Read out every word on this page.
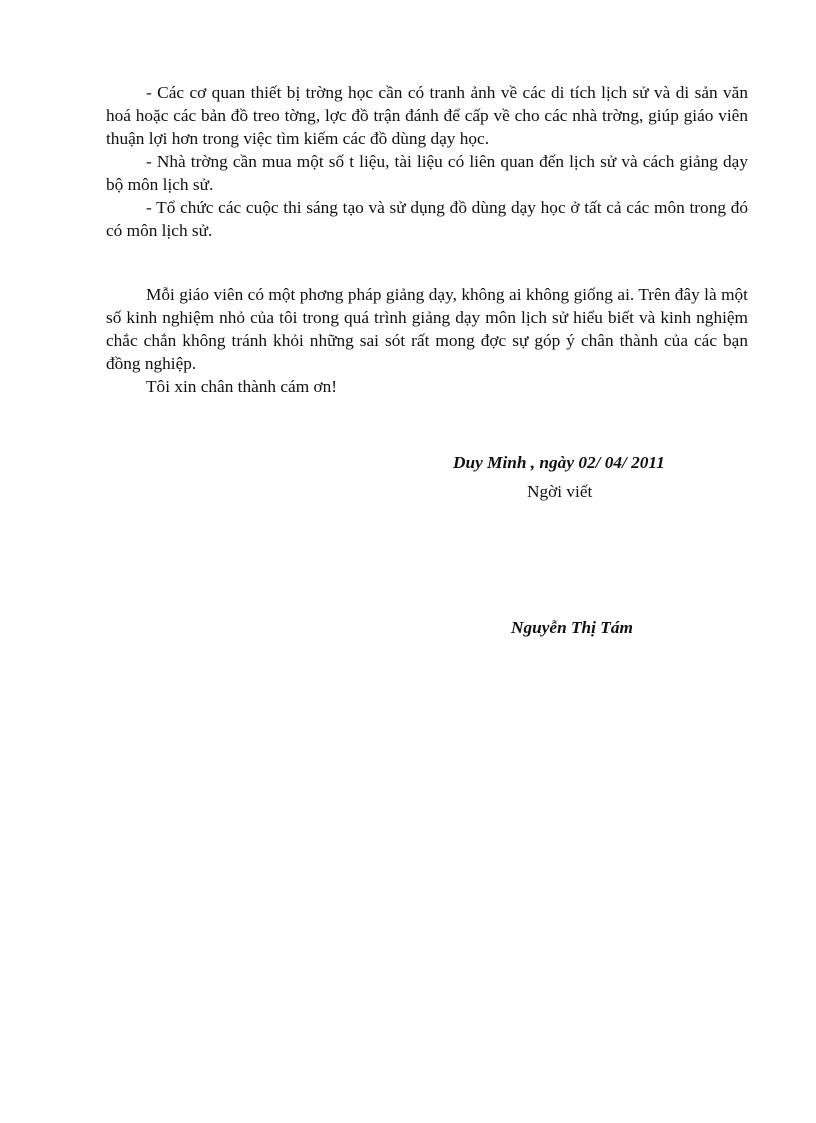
- Các cơ quan thiết bị trờng học cần có tranh ảnh về các di tích lịch sử và di sản văn hoá hoặc các bản đồ treo tờng, lợc đồ trận đánh để cấp về cho các nhà trờng, giúp giáo viên thuận lợi hơn trong việc tìm kiếm các đồ dùng dạy học.

- Nhà trờng cần mua một số t liệu, tài liệu có liên quan đến lịch sử và cách giảng dạy bộ môn lịch sử.

- Tổ chức các cuộc thi sáng tạo và sử dụng đồ dùng dạy học ở tất cả các môn trong đó có môn lịch sử.

Mỗi giáo viên có một phơng pháp giảng dạy, không ai không giống ai. Trên đây là một số kinh nghiệm nhỏ của tôi trong quá trình giảng dạy môn lịch sử hiểu biết và kinh nghiệm chắc chắn không tránh khỏi những sai sót rất mong đợc sự góp ý chân thành của các bạn đồng nghiệp.

Tôi xin chân thành cám ơn!

Duy Minh , ngày 02/ 04/ 2011
Ngời viết
Nguyễn Thị Tám
